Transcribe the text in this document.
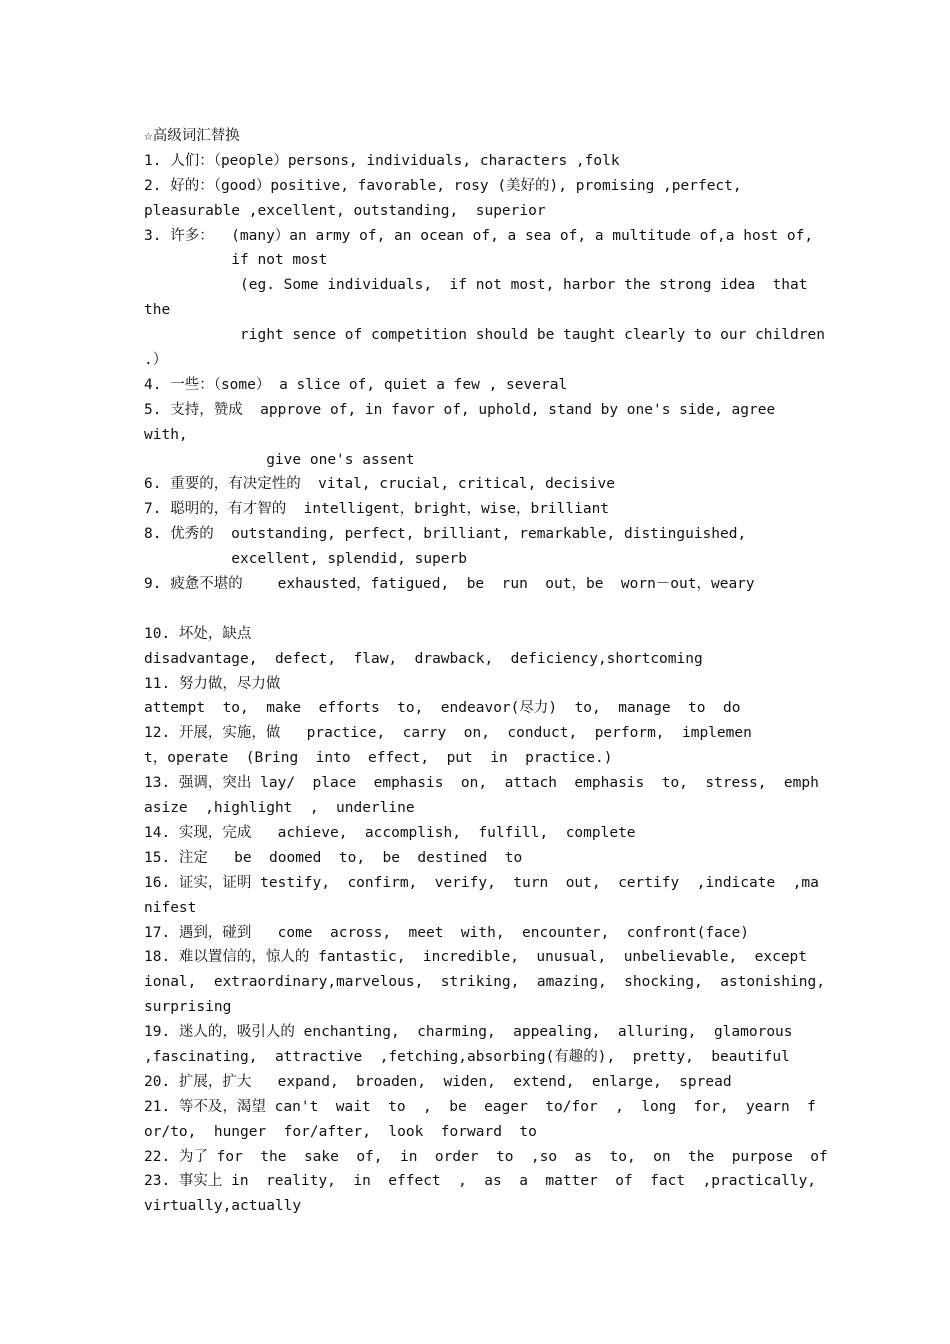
☆高级词汇替换
1. 人们：（people）persons, individuals, characters ,folk
2. 好的：（good）positive, favorable, rosy (美好的), promising ,perfect,
pleasurable ,excellent, outstanding,  superior
3. 许多：  (many）an army of, an ocean of, a sea of, a multitude of,a host of,
if not most
(eg. Some individuals,  if not most, harbor the strong idea  that
the
right sence of competition should be taught clearly to our children
.）
4. 一些：（some） a slice of, quiet a few , several
5. 支持，赞成  approve of, in favor of, uphold, stand by one's side, agree
with,
give one's assent
6. 重要的，有决定性的  vital, crucial, critical, decisive
7. 聪明的，有才智的  intelligent，bright，wise，brilliant
8. 优秀的  outstanding, perfect, brilliant, remarkable, distinguished,
excellent, splendid, superb
9. 疲惫不堪的    exhausted，fatigued,  be  run  out，be  worn－out，weary
10. 坏处，缺点
disadvantage,  defect,  flaw,  drawback,  deficiency,shortcoming
11. 努力做，尽力做
attempt  to,  make  efforts  to,  endeavor(尽力)  to,  manage  to  do
12. 开展，实施，做   practice,  carry  on,  conduct,  perform,  implemen
t，operate  (Bring  into  effect,  put  in  practice.)
13. 强调，突出 lay/  place  emphasis  on,  attach  emphasis  to,  stress,  emph
asize  ,highlight  ,  underline
14. 实现，完成   achieve,  accomplish,  fulfill,  complete
15. 注定   be  doomed  to,  be  destined  to
16. 证实，证明 testify,  confirm,  verify,  turn  out,  certify  ,indicate  ,ma
nifest
17. 遇到，碰到   come  across,  meet  with,  encounter,  confront(face)
18. 难以置信的，惊人的 fantastic,  incredible,  unusual,  unbelievable,  except
ional,  extraordinary,marvelous,  striking,  amazing,  shocking,  astonishing,
surprising
19. 迷人的，吸引人的 enchanting,  charming,  appealing,  alluring,  glamorous
,fascinating,  attractive  ,fetching,absorbing(有趣的),  pretty,  beautiful
20. 扩展，扩大   expand,  broaden,  widen,  extend,  enlarge,  spread
21. 等不及，渴望 can't  wait  to  ,  be  eager  to/for  ,  long  for,  yearn  f
or/to,  hunger  for/after,  look  forward  to
22. 为了 for  the  sake  of,  in  order  to  ,so  as  to,  on  the  purpose  of
23. 事实上 in  reality,  in  effect  ,  as  a  matter  of  fact  ,practically,
virtually,actually
